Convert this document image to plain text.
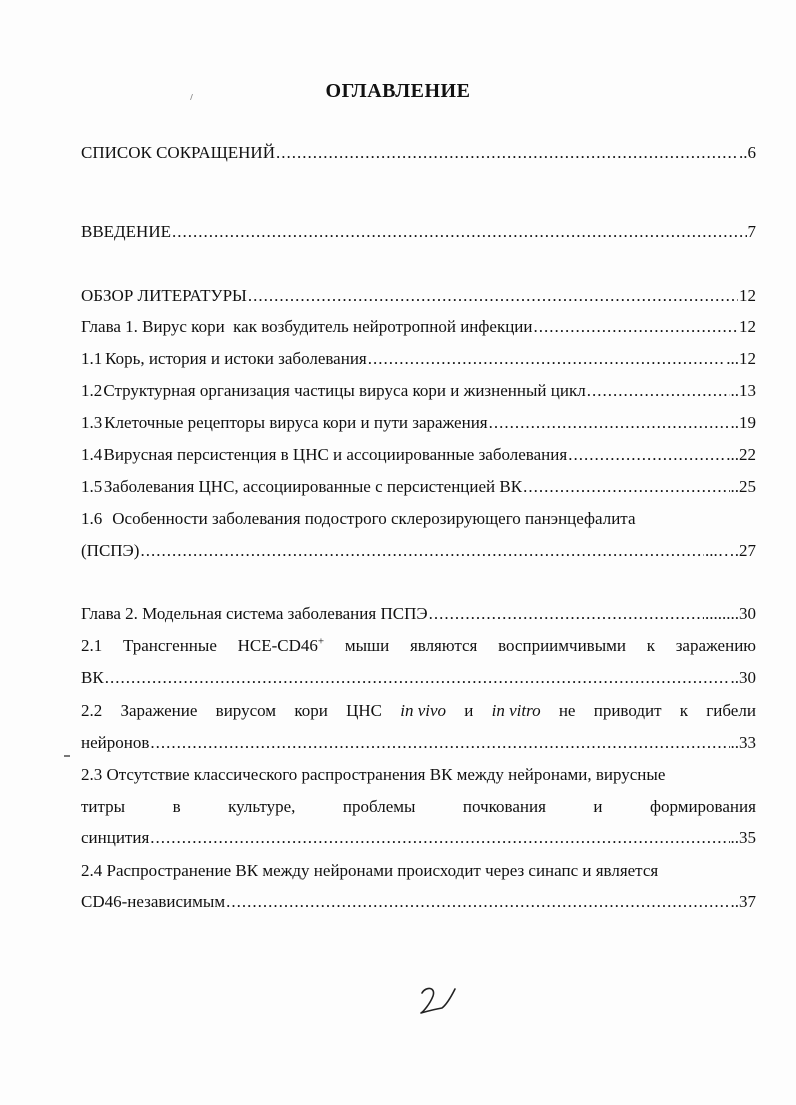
ОГЛАВЛЕНИЕ
СПИСОК СОКРАЩЕНИЙ .....	..6
ВВЕДЕНИЕ .....	7
ОБЗОР ЛИТЕРАТУРЫ .....	12
Глава 1. Вирус кори  как возбудитель нейротропной инфекции .....	12
1.1 Корь, история и истоки заболевания .....	...12
1.2 Структурная организация частицы вируса кори и жизненный цикл .....	..13
1.3 Клеточные рецепторы вируса кори и пути заражения .....	..19
1.4 Вирусная персистенция в ЦНС и ассоциированные заболевания .....	...22
1.5 Заболевания ЦНС, ассоциированные с персистенцией ВК .....	..25
1.6 Особенности заболевания подострого склерозирующего панэнцефалита
(ПСПЭ) .....	...….27
Глава 2. Модельная система заболевания ПСПЭ .....	........30
2.1 Трансгенные HCE-CD46+ мыши являются восприимчивыми к заражению
ВК .....	..30
2.2 Заражение вирусом кори ЦНС in vivo и in vitro не приводит к гибели
нейронов .....	..33
2.3 Отсутствие классического распространения ВК между нейронами, вирусные
титры	в	культуре,	проблемы	почкования	и	формирования
синцития .....	..35
2.4 Распространение ВК между нейронами происходит через синапс и является
CD46-независимым .....	..37
